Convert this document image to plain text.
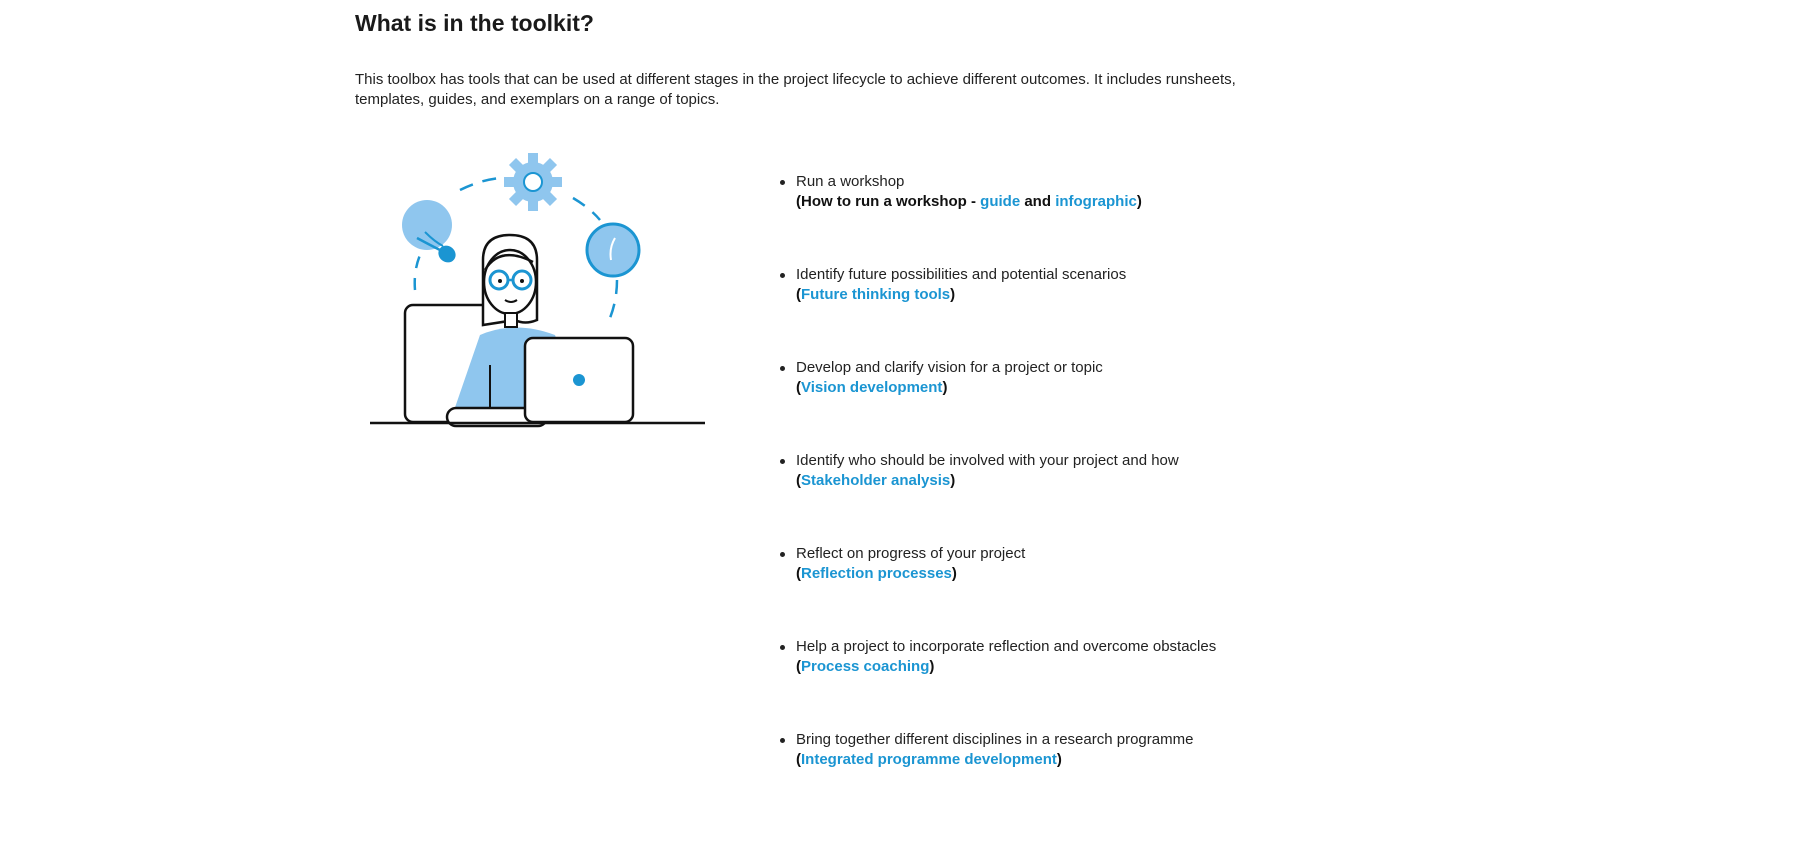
What is in the toolkit?

This toolbox has tools that can be used at different stages in the project lifecycle to achieve different outcomes. It includes runsheets, templates, guides, and exemplars on a range of topics.

Run a workshop
(How to run a workshop - guide and infographic)
Identify future possibilities and potential scenarios
(Future thinking tools)
Develop and clarify vision for a project or topic
(Vision development)
Identify who should be involved with your project and how
(Stakeholder analysis)
Reflect on progress of your project
(Reflection processes)
Help a project to incorporate reflection and overcome obstacles
(Process coaching)
Bring together different disciplines in a research programme
(Integrated programme development)
